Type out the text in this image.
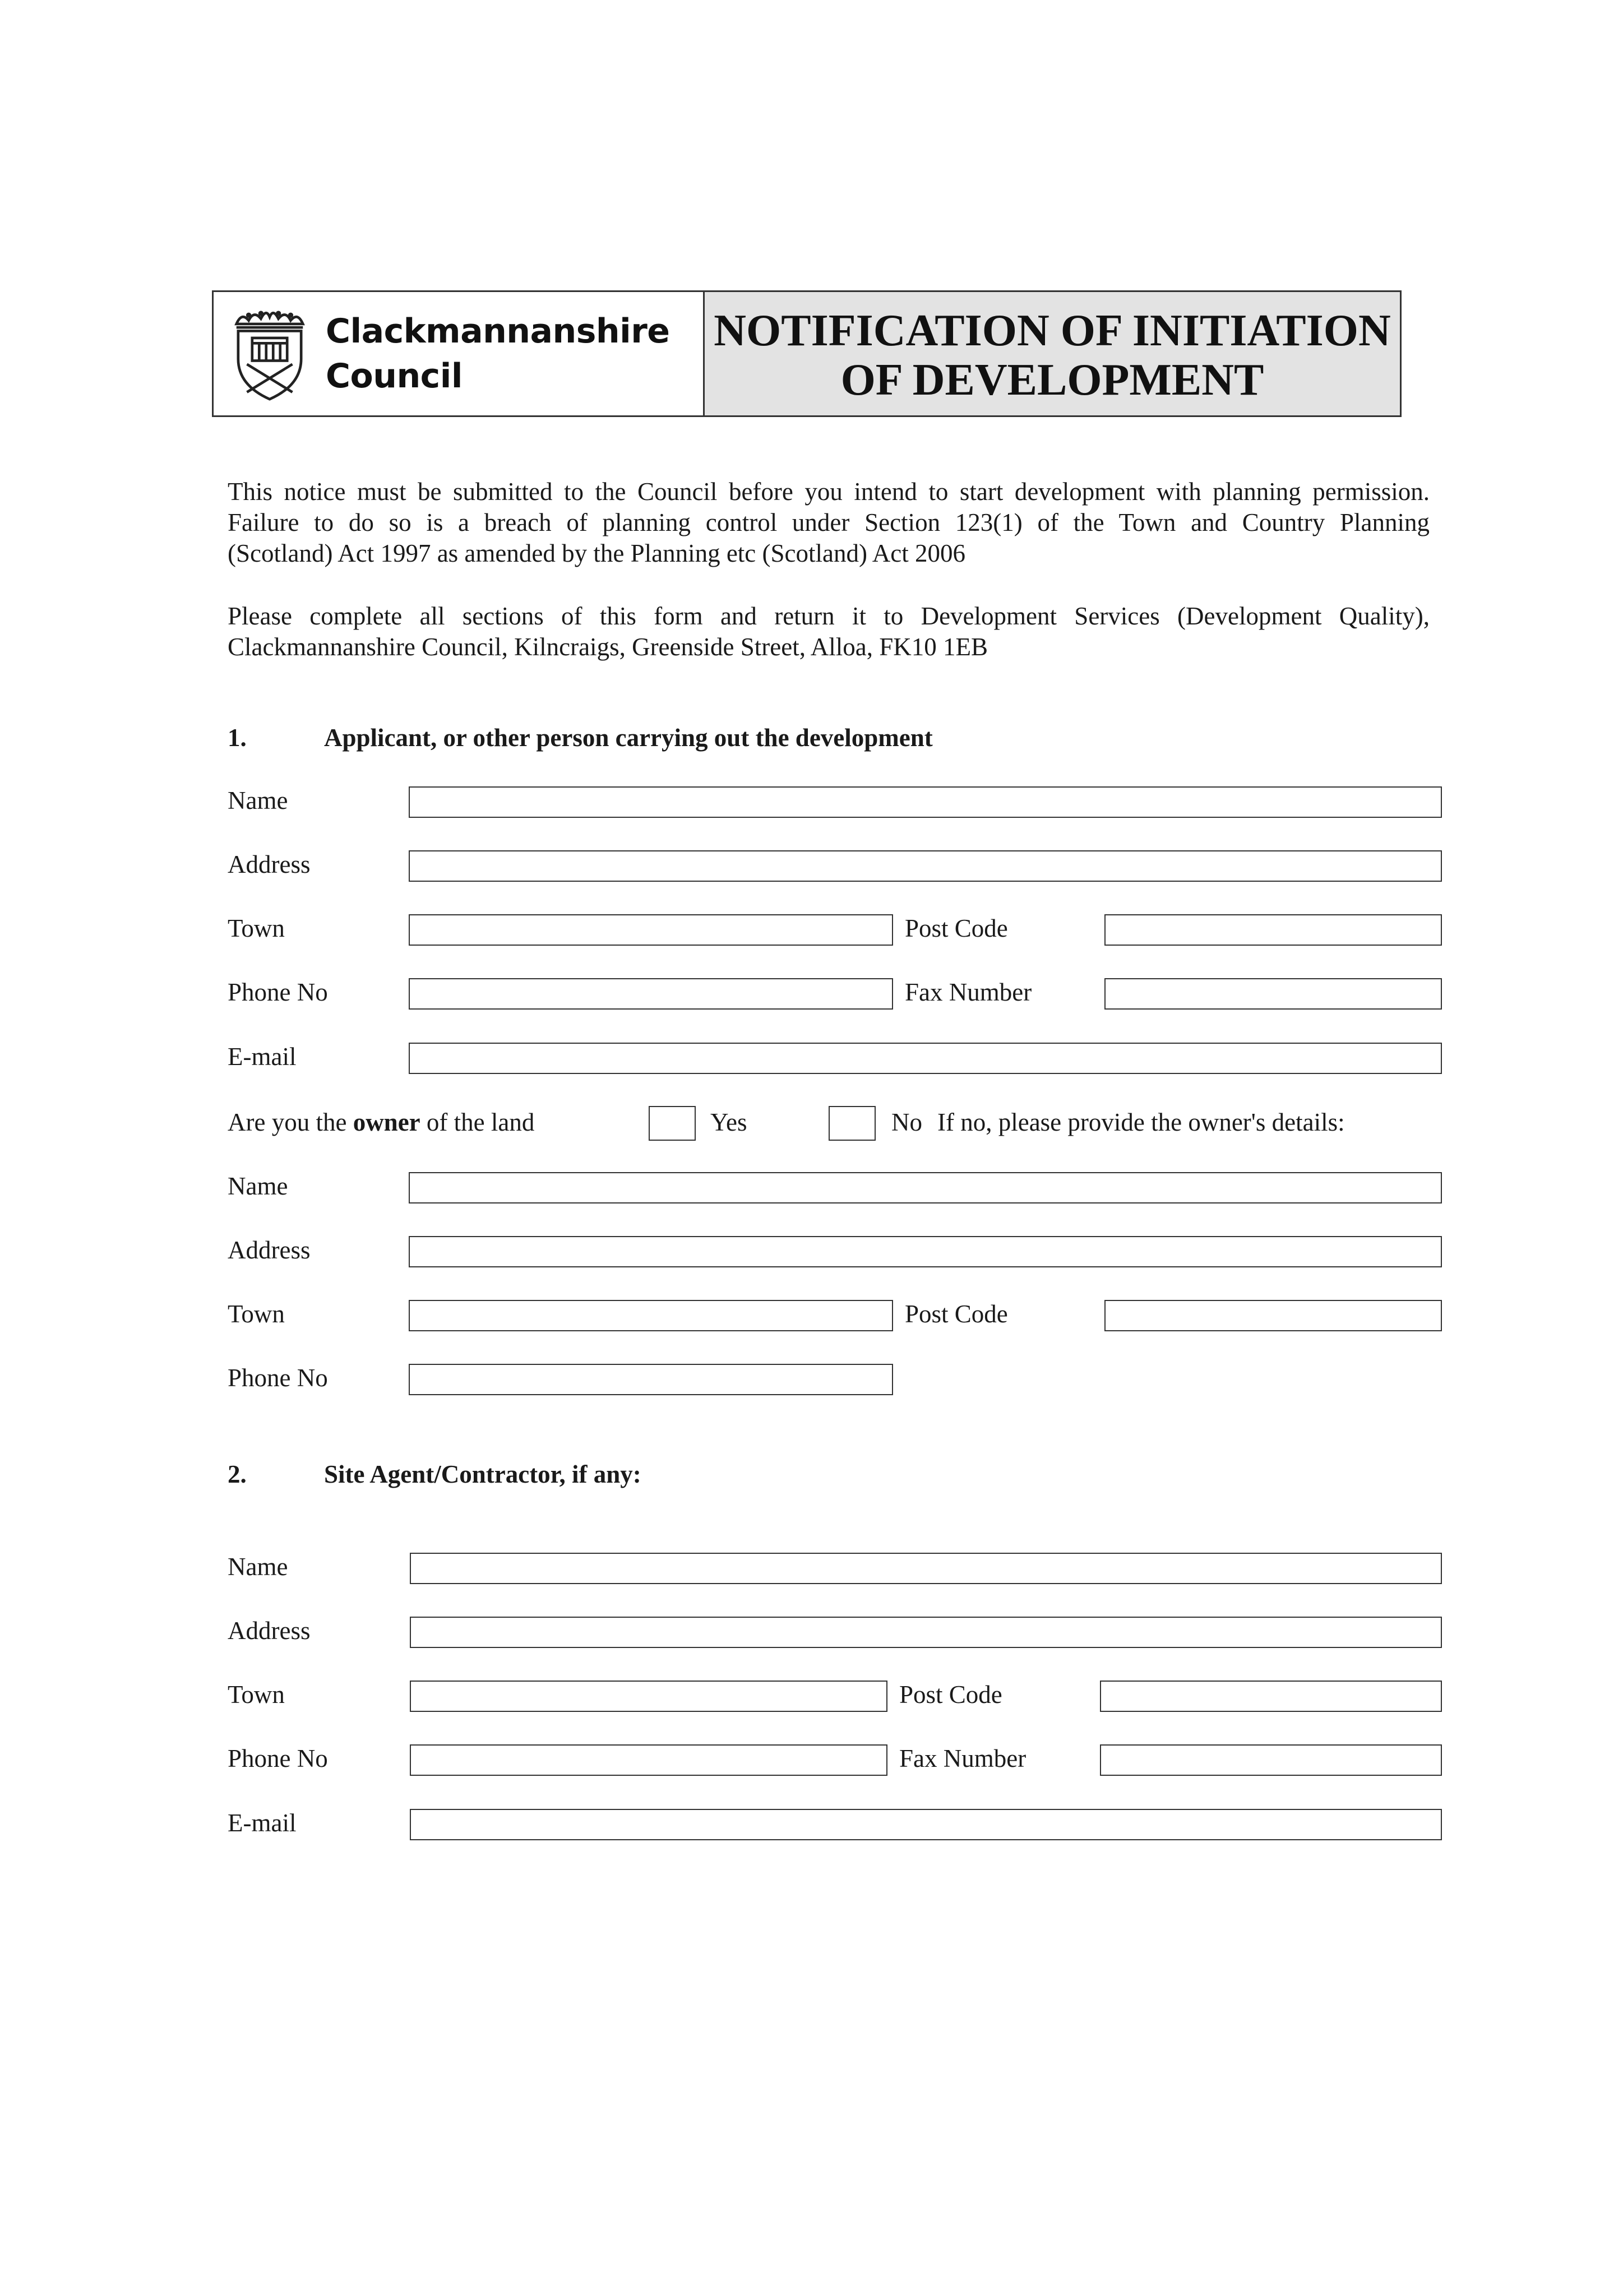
Clackmannanshire
Council
NOTIFICATION OF INITIATION
OF DEVELOPMENT
This notice must be submitted to the Council before you intend to start development with planning permission.
Failure to do so is a breach of planning control under Section 123(1) of the Town and Country Planning
(Scotland) Act 1997 as amended by the Planning etc (Scotland) Act 2006
Please complete all sections of this form and return it to Development Services (Development Quality),
Clackmannanshire Council, Kilncraigs, Greenside Street, Alloa, FK10 1EB
1.	Applicant, or other person carrying out the development
Name
Address
Town	Post Code
Phone No	Fax Number
E-mail
Are you the owner of the land	Yes	No If no, please provide the owner's details:
Name
Address
Town	Post Code
Phone No
2.	Site Agent/Contractor, if any:
Name
Address
Town	Post Code
Phone No	Fax Number
E-mail
